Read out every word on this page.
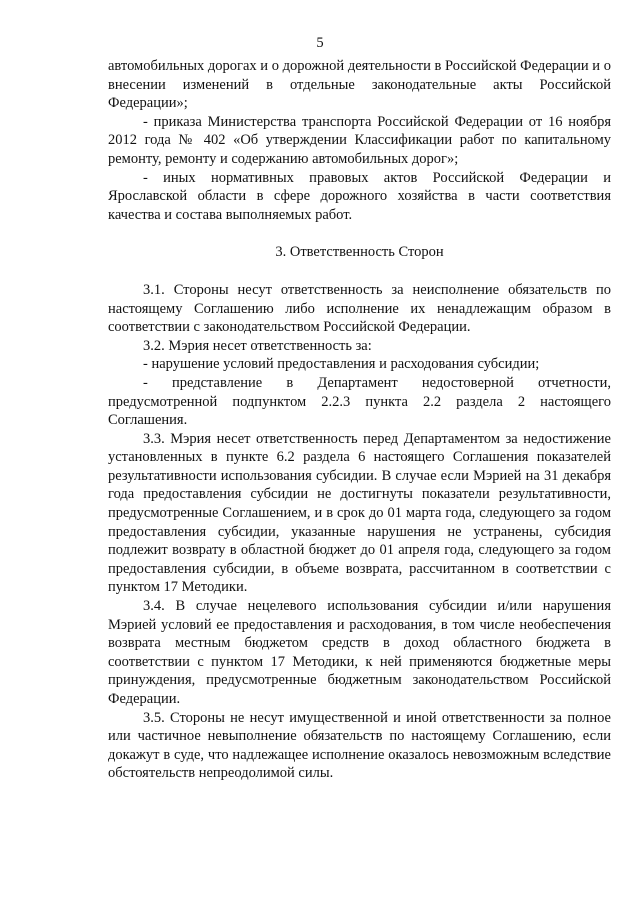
5

автомобильных дорогах и о дорожной деятельности в Российской Федерации и о внесении изменений в отдельные законодательные акты Российской Федерации»;

- приказа Министерства транспорта Российской Федерации от 16 ноября 2012 года № 402 «Об утверждении Классификации работ по капитальному ремонту, ремонту и содержанию автомобильных дорог»;

- иных нормативных правовых актов Российской Федерации и Ярославской области в сфере дорожного хозяйства в части соответствия качества и состава выполняемых работ.

3. Ответственность Сторон

3.1. Стороны несут ответственность за неисполнение обязательств по настоящему Соглашению либо исполнение их ненадлежащим образом в соответствии с законодательством Российской Федерации.

3.2. Мэрия несет ответственность за:

- нарушение условий предоставления и расходования субсидии;

- представление в Департамент недостоверной отчетности, предусмотренной подпунктом 2.2.3 пункта 2.2 раздела 2 настоящего Соглашения.

3.3. Мэрия несет ответственность перед Департаментом за недостижение установленных в пункте 6.2 раздела 6 настоящего Соглашения показателей результативности использования субсидии. В случае если Мэрией на 31 декабря года предоставления субсидии не достигнуты показатели результативности, предусмотренные Соглашением, и в срок до 01 марта года, следующего за годом предоставления субсидии, указанные нарушения не устранены, субсидия подлежит возврату в областной бюджет до 01 апреля года, следующего за годом предоставления субсидии, в объеме возврата, рассчитанном в соответствии с пунктом 17 Методики.

3.4. В случае нецелевого использования субсидии и/или нарушения Мэрией условий ее предоставления и расходования, в том числе необеспечения возврата местным бюджетом средств в доход областного бюджета в соответствии с пунктом 17 Методики, к ней применяются бюджетные меры принуждения, предусмотренные бюджетным законодательством Российской Федерации.

3.5. Стороны не несут имущественной и иной ответственности за полное или частичное невыполнение обязательств по настоящему Соглашению, если докажут в суде, что надлежащее исполнение оказалось невозможным вследствие обстоятельств непреодолимой силы.
